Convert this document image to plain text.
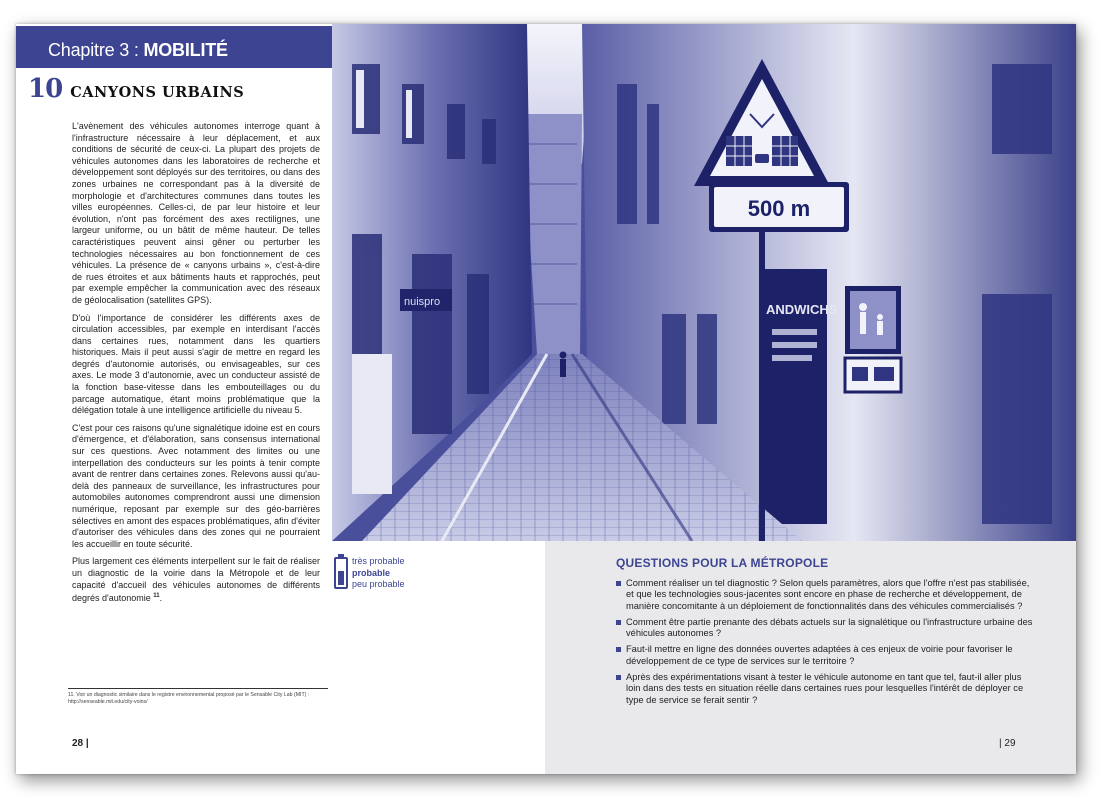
Chapitre 3 : MOBILITÉ
10 CANYONS URBAINS

L'avènement des véhicules autonomes interroge quant à l'infrastructure nécessaire à leur déplacement, et aux conditions de sécurité de ceux-ci. La plupart des projets de véhicules autonomes dans les laboratoires de recherche et développement sont déployés sur des territoires, ou dans des zones urbaines ne correspondant pas à la diversité de morphologie et d'architectures communes dans toutes les villes européennes. Celles-ci, de par leur histoire et leur évolution, n'ont pas forcément des axes rectilignes, une largeur uniforme, ou un bâtit de même hauteur. De telles caractéristiques peuvent ainsi gêner ou perturber les technologies nécessaires au bon fonctionnement de ces véhicules. La présence de « canyons urbains », c'est-à-dire de rues étroites et aux bâtiments hauts et rapprochés, peut par exemple empêcher la communication avec des réseaux de géolocalisation (satellites GPS).

D'où l'importance de considérer les différents axes de circulation accessibles, par exemple en interdisant l'accès dans certaines rues, notamment dans les quartiers historiques. Mais il peut aussi s'agir de mettre en regard les degrés d'autonomie autorisés, ou envisageables, sur ces axes. Le mode 3 d'autonomie, avec un conducteur assisté de la fonction base-vitesse dans les embouteillages ou du parcage automatique, étant moins problématique que la délégation totale à une intelligence artificielle du niveau 5.

C'est pour ces raisons qu'une signalétique idoine est en cours d'émergence, et d'élaboration, sans consensus international sur ces questions. Avec notamment des limites ou une interpellation des conducteurs sur les points à tenir compte avant de rentrer dans certaines zones. Relevons aussi qu'au-delà des panneaux de surveillance, les infrastructures pour automobiles autonomes comprendront aussi une dimension numérique, reposant par exemple sur des géo-barrières sélectives en amont des espaces problématiques, afin d'éviter d'autoriser des véhicules dans des zones qui ne pourraient les accueillir en toute sécurité.

Plus largement ces éléments interpellent sur le fait de réaliser un diagnostic de la voirie dans la Métropole et de leur capacité d'accueil des véhicules autonomes de différents degrés d'autonomie $^{11}$.

11. Voir un diagnostic similaire dans le registre environnemental proposé par le Sensable City Lab (MIT) : http://senseable.mit.edu/city-voins/
28 |
nuispro	ANDWICHS
500 m
très probable
probable
peu probable
QUESTIONS POUR LA MÉTROPOLE
Comment réaliser un tel diagnostic ? Selon quels paramètres, alors que l'offre n'est pas stabilisée, et que les technologies sous-jacentes sont encore en phase de recherche et développement, de manière concomitante à un déploiement de fonctionnalités dans des véhicules commercialisés ?
Comment être partie prenante des débats actuels sur la signalétique ou l'infrastructure urbaine des véhicules autonomes ?
Faut-il mettre en ligne des données ouvertes adaptées à ces enjeux de voirie pour favoriser le développement de ce type de services sur le territoire ?
Après des expérimentations visant à tester le véhicule autonome en tant que tel, faut-il aller plus loin dans des tests en situation réelle dans certaines rues pour lesquelles l'intérêt de déployer ce type de service se ferait sentir ?
| 29
